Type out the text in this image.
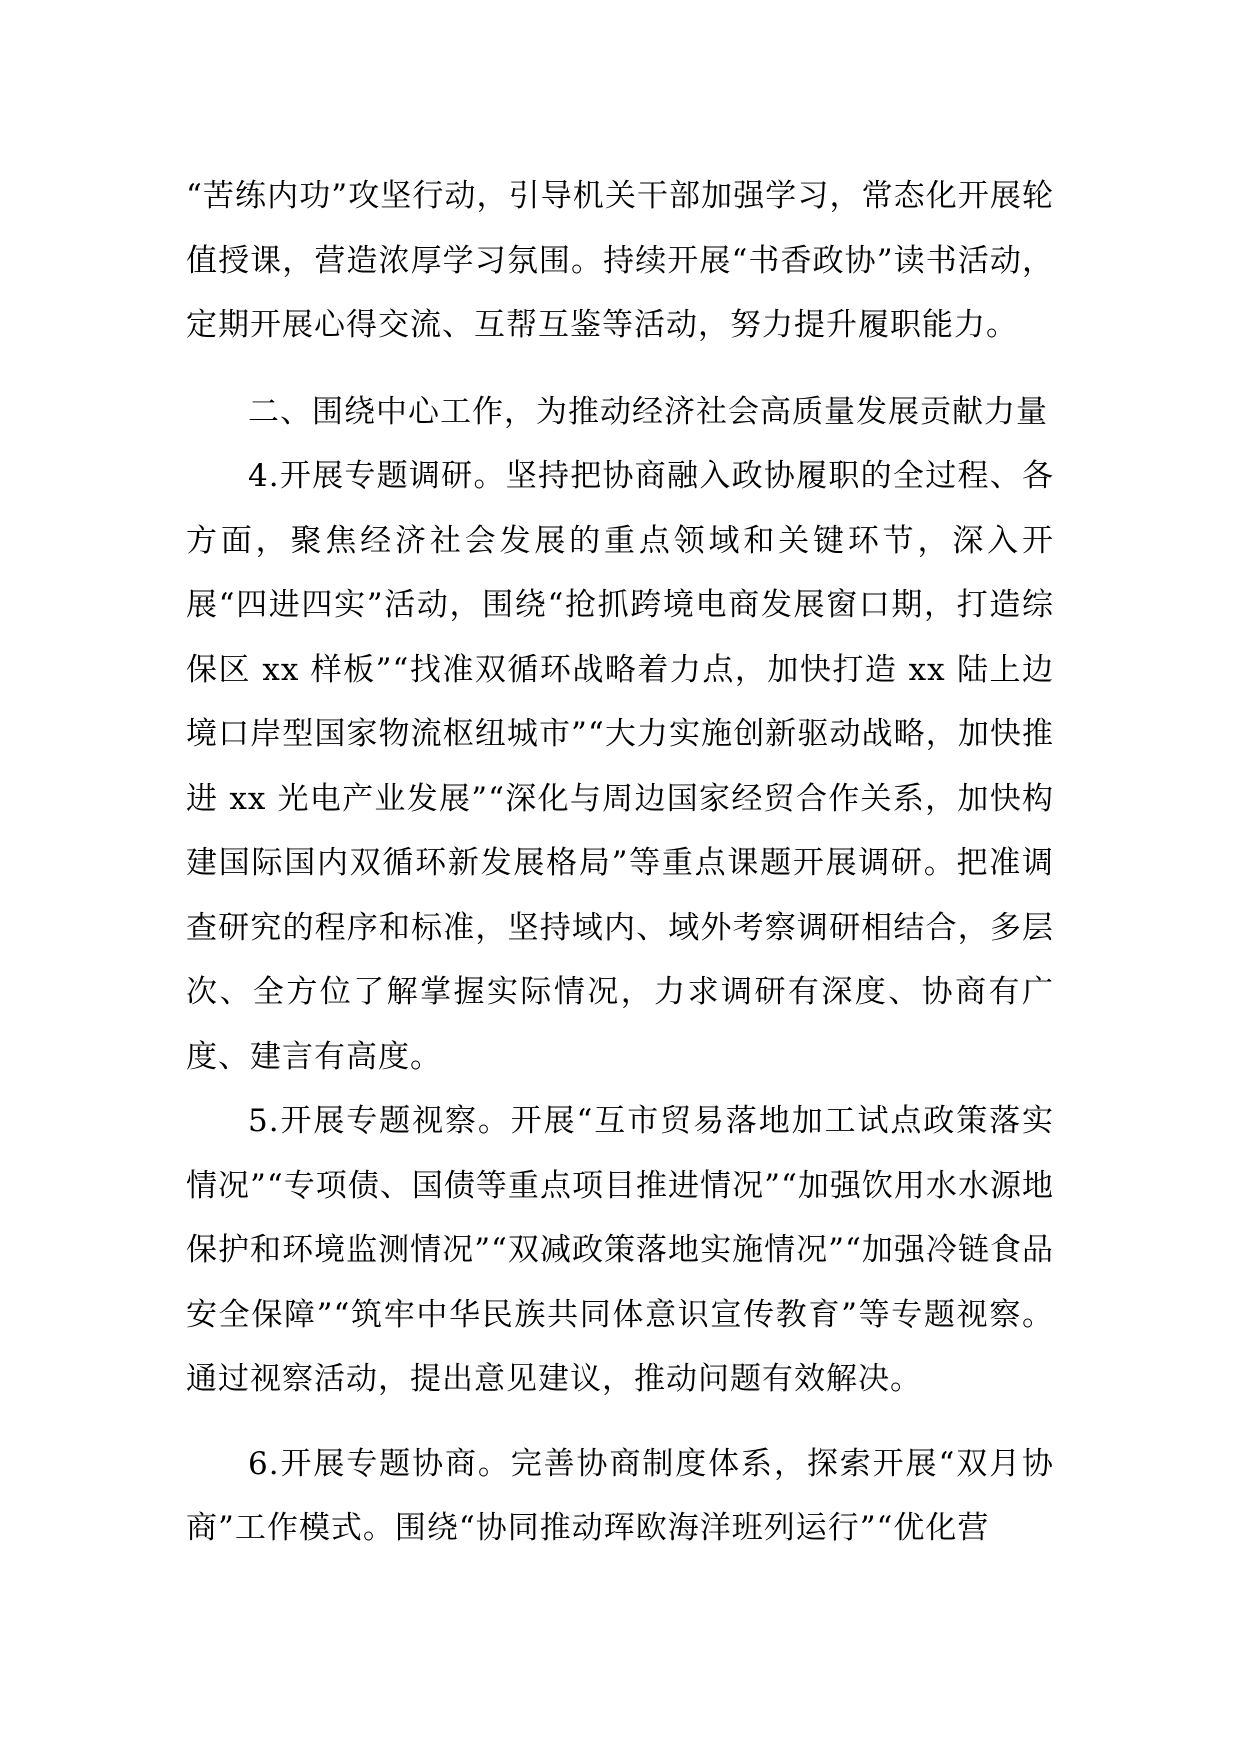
“苦练内功”攻坚行动，引导机关干部加强学习，常态化开展轮值授课，营造浓厚学习氛围。持续开展“书香政协”读书活动，定期开展心得交流、互帮互鉴等活动，努力提升履职能力。

二、围绕中心工作，为推动经济社会高质量发展贡献力量

4.开展专题调研。坚持把协商融入政协履职的全过程、各方面，聚焦经济社会发展的重点领域和关键环节，深入开展“四进四实”活动，围绕“抢抓跨境电商发展窗口期，打造综保区 xx 样板”“找准双循环战略着力点，加快打造 xx 陆上边境口岸型国家物流枢纽城市”“大力实施创新驱动战略，加快推进 xx 光电产业发展”“深化与周边国家经贸合作关系，加快构建国际国内双循环新发展格局”等重点课题开展调研。把准调查研究的程序和标准，坚持域内、域外考察调研相结合，多层次、全方位了解掌握实际情况，力求调研有深度、协商有广度、建言有高度。

5.开展专题视察。开展“互市贸易落地加工试点政策落实情况”“专项债、国债等重点项目推进情况”“加强饮用水水源地保护和环境监测情况”“双减政策落地实施情况”“加强冷链食品安全保障”“筑牢中华民族共同体意识宣传教育”等专题视察。通过视察活动，提出意见建议，推动问题有效解决。

6.开展专题协商。完善协商制度体系，探索开展“双月协商”工作模式。围绕“协同推动珲欧海洋班列运行”“优化营
